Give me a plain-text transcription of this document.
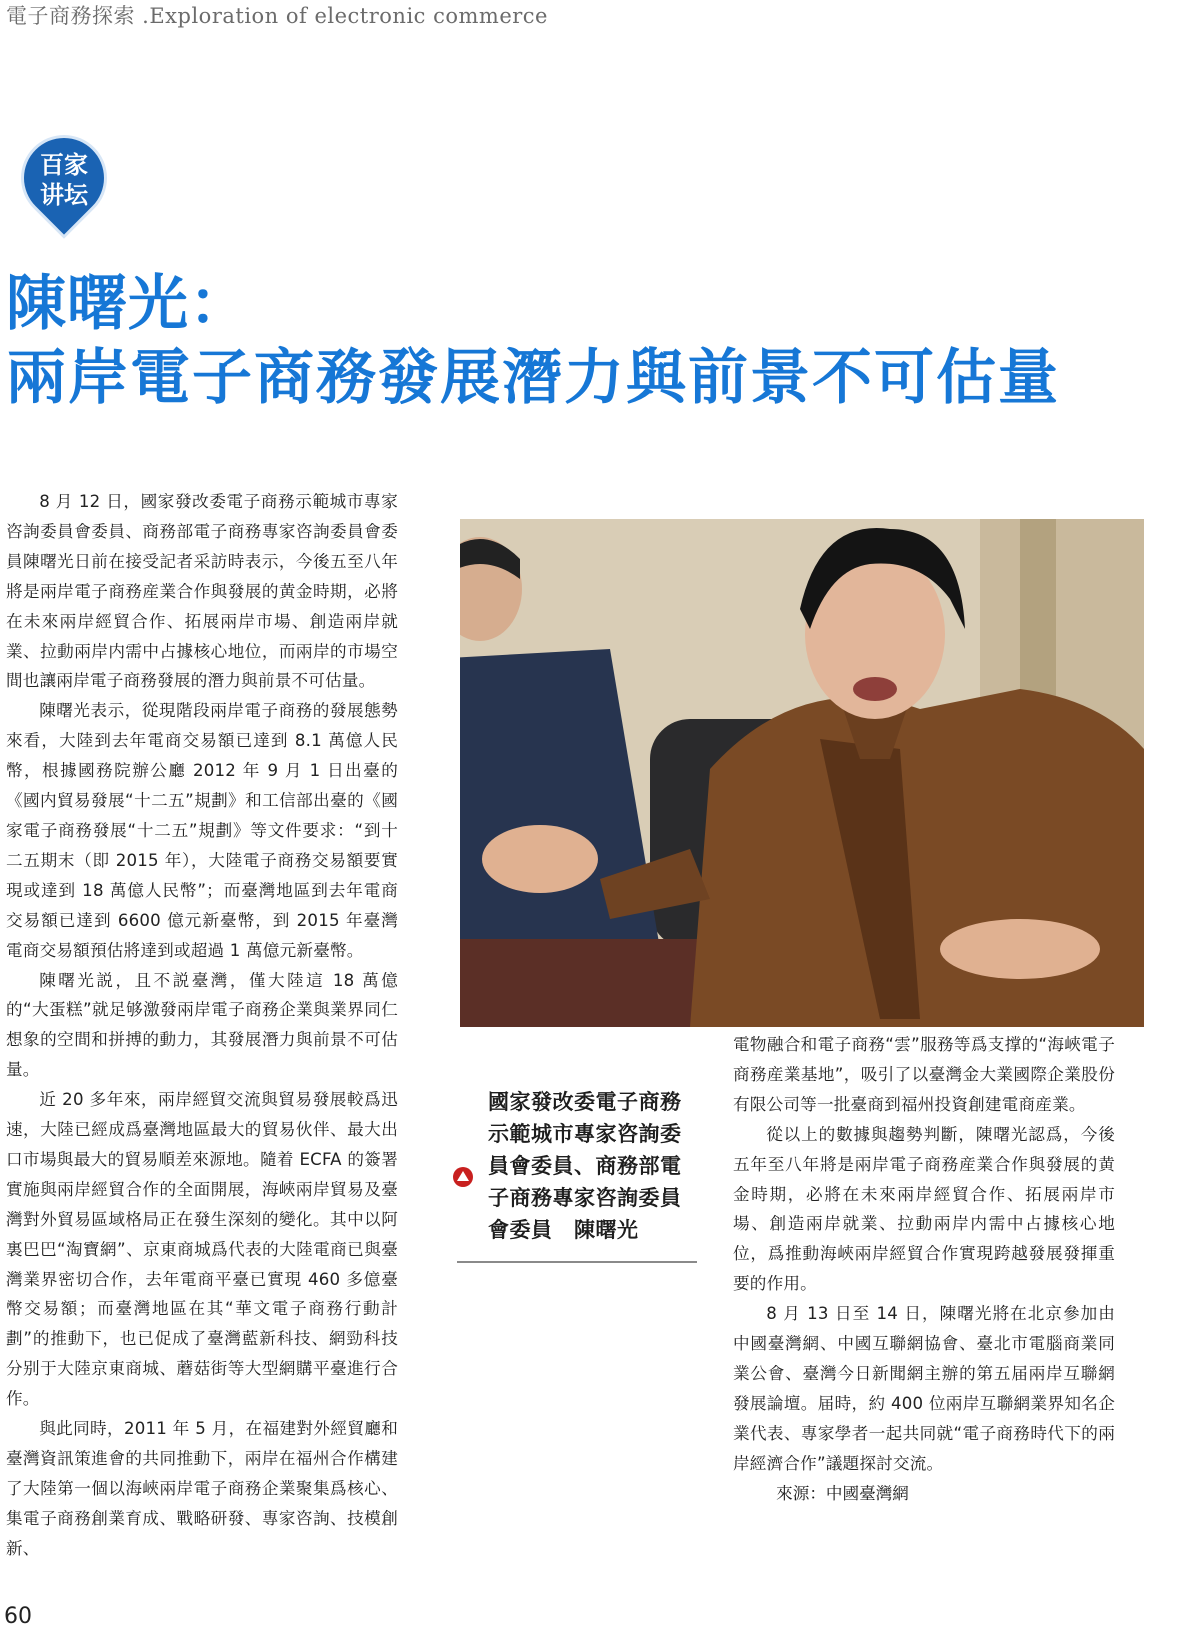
電子商務探索 .Exploration of electronic commerce
百家
讲坛
陳曙光：
兩岸電子商務發展潛力與前景不可估量

8 月 12 日，國家發改委電子商務示範城市專家咨詢委員會委員、商務部電子商務專家咨詢委員會委員陳曙光日前在接受記者采訪時表示，今後五至八年將是兩岸電子商務産業合作與發展的黄金時期，必將在未來兩岸經貿合作、拓展兩岸市場、創造兩岸就業、拉動兩岸内需中占據核心地位，而兩岸的市場空間也讓兩岸電子商務發展的潛力與前景不可估量。

陳曙光表示，從現階段兩岸電子商務的發展態勢來看，大陸到去年電商交易額已達到 8.1 萬億人民幣，根據國務院辦公廳 2012 年 9 月 1 日出臺的《國内貿易發展“十二五”規劃》和工信部出臺的《國家電子商務發展“十二五”規劃》等文件要求：“到十二五期末（即 2015 年），大陸電子商務交易額要實現或達到 18 萬億人民幣”；而臺灣地區到去年電商交易額已達到 6600 億元新臺幣，到 2015 年臺灣電商交易額預估將達到或超過 1 萬億元新臺幣。

陳曙光説，且不説臺灣，僅大陸這 18 萬億的“大蛋糕”就足够激發兩岸電子商務企業與業界同仁想象的空間和拼搏的動力，其發展潛力與前景不可估量。

近 20 多年來，兩岸經貿交流與貿易發展較爲迅速，大陸已經成爲臺灣地區最大的貿易伙伴、最大出口市場與最大的貿易順差來源地。隨着 ECFA 的簽署實施與兩岸經貿合作的全面開展，海峽兩岸貿易及臺灣對外貿易區域格局正在發生深刻的變化。其中以阿裏巴巴“淘寶網”、京東商城爲代表的大陸電商已與臺灣業界密切合作，去年電商平臺已實現 460 多億臺幣交易額；而臺灣地區在其“華文電子商務行動計劃”的推動下，也已促成了臺灣藍新科技、網勁科技分别于大陸京東商城、蘑菇街等大型網購平臺進行合作。

與此同時，2011 年 5 月，在福建對外經貿廳和臺灣資訊策進會的共同推動下，兩岸在福州合作構建了大陸第一個以海峽兩岸電子商務企業聚集爲核心、集電子商務創業育成、戰略研發、專家咨詢、技模創新、

國家發改委電子商務示範城市專家咨詢委員會委員、商務部電子商務專家咨詢委員會委員　陳曙光

電物融合和電子商務“雲”服務等爲支撑的“海峽電子商務産業基地”，吸引了以臺灣金大業國際企業股份有限公司等一批臺商到福州投資創建電商産業。

從以上的數據與趨勢判斷，陳曙光認爲，今後五年至八年將是兩岸電子商務産業合作與發展的黄金時期，必將在未來兩岸經貿合作、拓展兩岸市場、創造兩岸就業、拉動兩岸内需中占據核心地位，爲推動海峽兩岸經貿合作實現跨越發展發揮重要的作用。

8 月 13 日至 14 日，陳曙光將在北京參加由中國臺灣網、中國互聯網協會、臺北市電腦商業同業公會、臺灣今日新聞網主辦的第五届兩岸互聯網發展論壇。届時，約 400 位兩岸互聯網業界知名企業代表、專家學者一起共同就“電子商務時代下的兩岸經濟合作”議題探討交流。

來源：中國臺灣網

60
